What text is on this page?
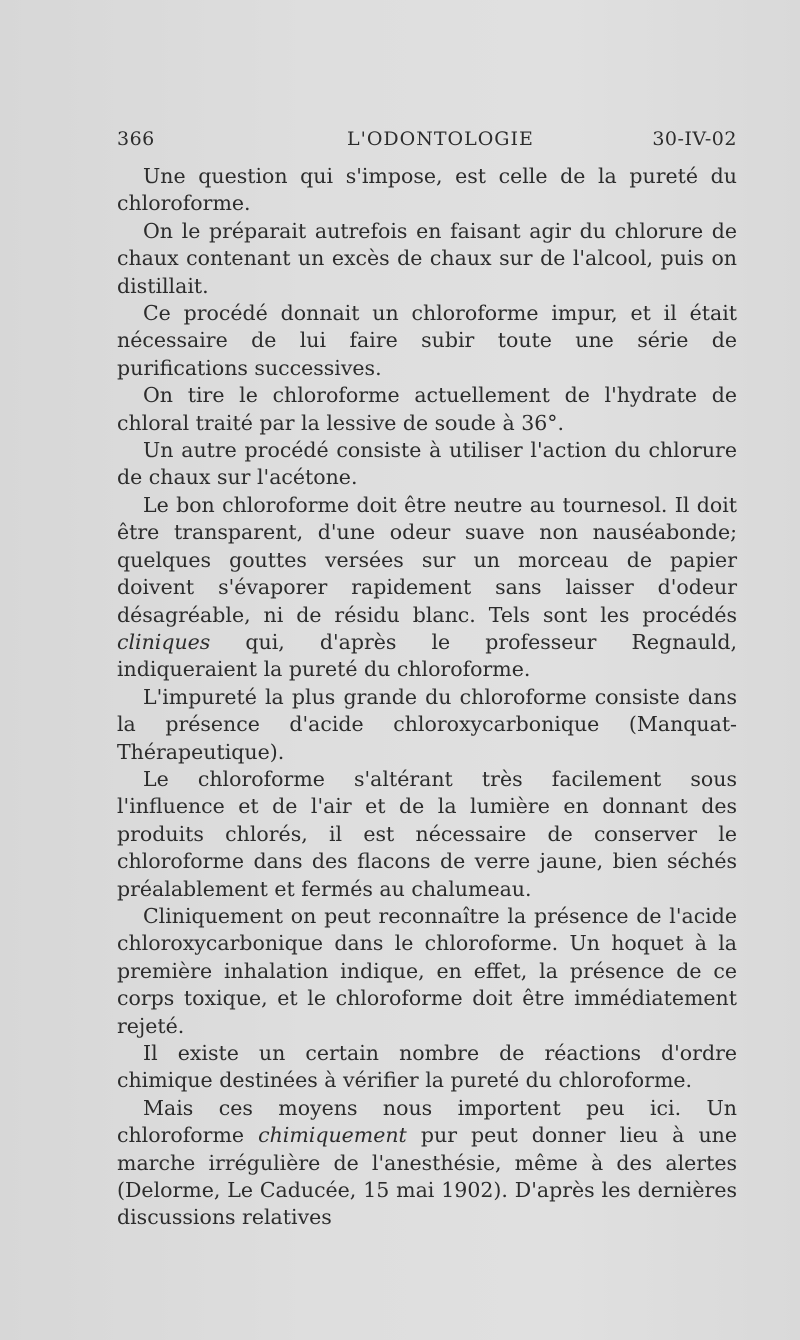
366	L'ODONTOLOGIE	30-IV-02

Une question qui s'impose, est celle de la pureté du chloroforme.

On le préparait autrefois en faisant agir du chlorure de chaux contenant un excès de chaux sur de l'alcool, puis on distillait.

Ce procédé donnait un chloroforme impur, et il était nécessaire de lui faire subir toute une série de purifications successives.

On tire le chloroforme actuellement de l'hydrate de chloral traité par la lessive de soude à 36°.

Un autre procédé consiste à utiliser l'action du chlorure de chaux sur l'acétone.

Le bon chloroforme doit être neutre au tournesol. Il doit être transparent, d'une odeur suave non nauséabonde; quelques gouttes versées sur un morceau de papier doivent s'évaporer rapidement sans laisser d'odeur désagréable, ni de résidu blanc. Tels sont les procédés cliniques qui, d'après le professeur Regnauld, indiqueraient la pureté du chloroforme.

L'impureté la plus grande du chloroforme consiste dans la présence d'acide chloroxycarbonique (Manquat-Thérapeutique).

Le chloroforme s'altérant très facilement sous l'influence et de l'air et de la lumière en donnant des produits chlorés, il est nécessaire de conserver le chloroforme dans des flacons de verre jaune, bien séchés préalablement et fermés au chalumeau.

Cliniquement on peut reconnaître la présence de l'acide chloroxycarbonique dans le chloroforme. Un hoquet à la première inhalation indique, en effet, la présence de ce corps toxique, et le chloroforme doit être immédiatement rejeté.

Il existe un certain nombre de réactions d'ordre chimique destinées à vérifier la pureté du chloroforme.

Mais ces moyens nous importent peu ici. Un chloroforme chimiquement pur peut donner lieu à une marche irrégulière de l'anesthésie, même à des alertes (Delorme, Le Caducée, 15 mai 1902). D'après les dernières discussions relatives
